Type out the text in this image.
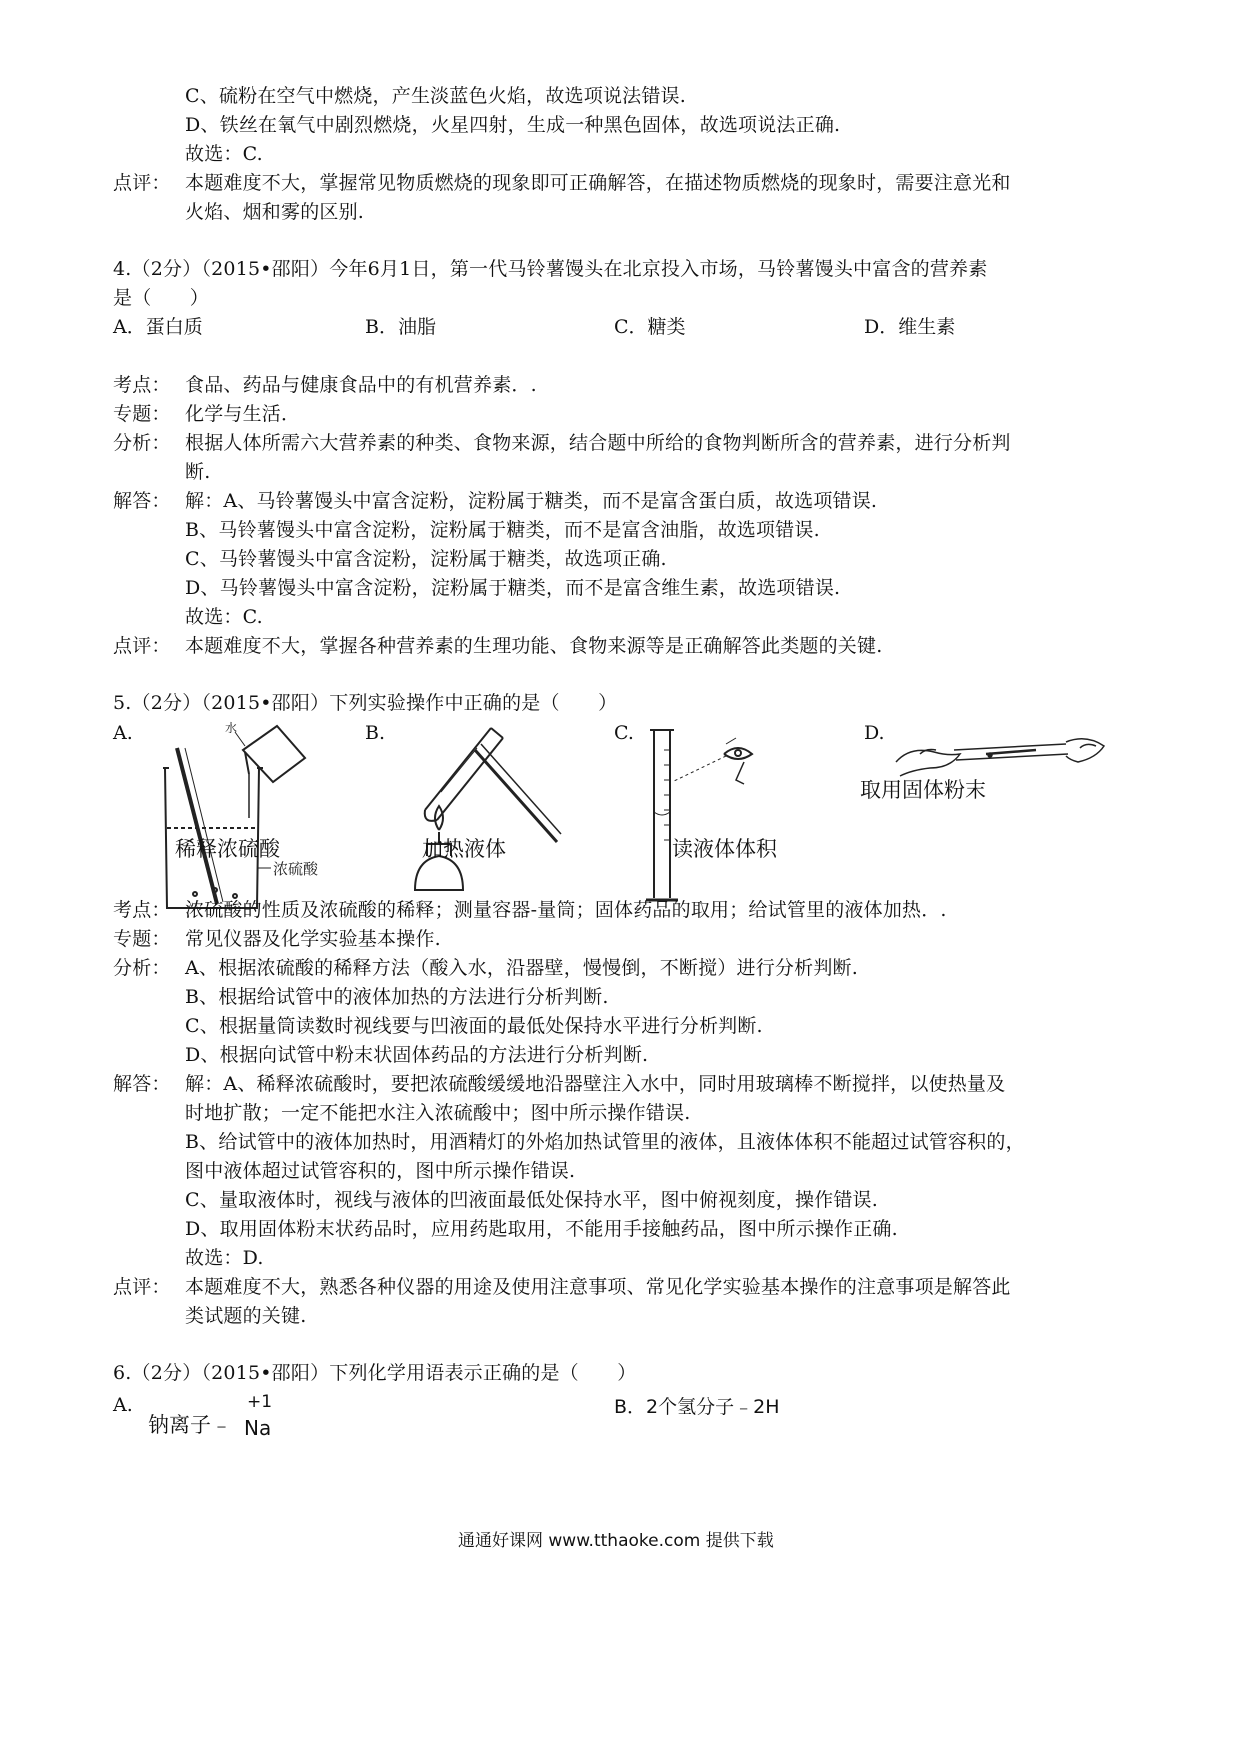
C、硫粉在空气中燃烧，产生淡蓝色火焰，故选项说法错误.
D、铁丝在氧气中剧烈燃烧，火星四射，生成一种黑色固体，故选项说法正确.
故选：C.
点评： 本题难度不大，掌握常见物质燃烧的现象即可正确解答，在描述物质燃烧的现象时，需要注意光和
火焰、烟和雾的区别.
4.（2分）（2015•邵阳）今年6月1日，第一代马铃薯馒头在北京投入市场，马铃薯馒头中富含的营养素
是（　　）
A．蛋白质	B．油脂	C．糖类	D．维生素
考点： 食品、药品与健康食品中的有机营养素．.
专题： 化学与生活．
分析： 根据人体所需六大营养素的种类、食物来源，结合题中所给的食物判断所含的营养素，进行分析判
断.
解答： 解：A、马铃薯馒头中富含淀粉，淀粉属于糖类，而不是富含蛋白质，故选项错误.
B、马铃薯馒头中富含淀粉，淀粉属于糖类，而不是富含油脂，故选项错误.
C、马铃薯馒头中富含淀粉，淀粉属于糖类，故选项正确.
D、马铃薯馒头中富含淀粉，淀粉属于糖类，而不是富含维生素，故选项错误.
故选：C.
点评： 本题难度不大，掌握各种营养素的生理功能、食物来源等是正确解答此类题的关键.
5.（2分）（2015•邵阳）下列实验操作中正确的是（　　）
A.	B.	C.	D.
浓硫酸
水
取用固体粉末
稀释浓硫酸	加热液体	读液体体积
考点： 浓硫酸的性质及浓硫酸的稀释；测量容器-量筒；固体药品的取用；给试管里的液体加热．.
专题： 常见仪器及化学实验基本操作.
分析： A、根据浓硫酸的稀释方法（酸入水，沿器壁，慢慢倒，不断搅）进行分析判断.
B、根据给试管中的液体加热的方法进行分析判断.
C、根据量筒读数时视线要与凹液面的最低处保持水平进行分析判断.
D、根据向试管中粉末状固体药品的方法进行分析判断.
解答： 解：A、稀释浓硫酸时，要把浓硫酸缓缓地沿器壁注入水中，同时用玻璃棒不断搅拌，以使热量及
时地扩散；一定不能把水注入浓硫酸中；图中所示操作错误.
B、给试管中的液体加热时，用酒精灯的外焰加热试管里的液体，且液体体积不能超过试管容积的，
图中液体超过试管容积的，图中所示操作错误.
C、量取液体时，视线与液体的凹液面最低处保持水平，图中俯视刻度，操作错误.
D、取用固体粉末状药品时，应用药匙取用，不能用手接触药品，图中所示操作正确.
故选：D.
点评： 本题难度不大，熟悉各种仪器的用途及使用注意事项、常见化学实验基本操作的注意事项是解答此
类试题的关键.
6.（2分）（2015•邵阳）下列化学用语表示正确的是（　　）
A.
钠离子﹣
+1
Na
B．2个氢分子﹣2H
通通好课网 www.tthaoke.com 提供下载
